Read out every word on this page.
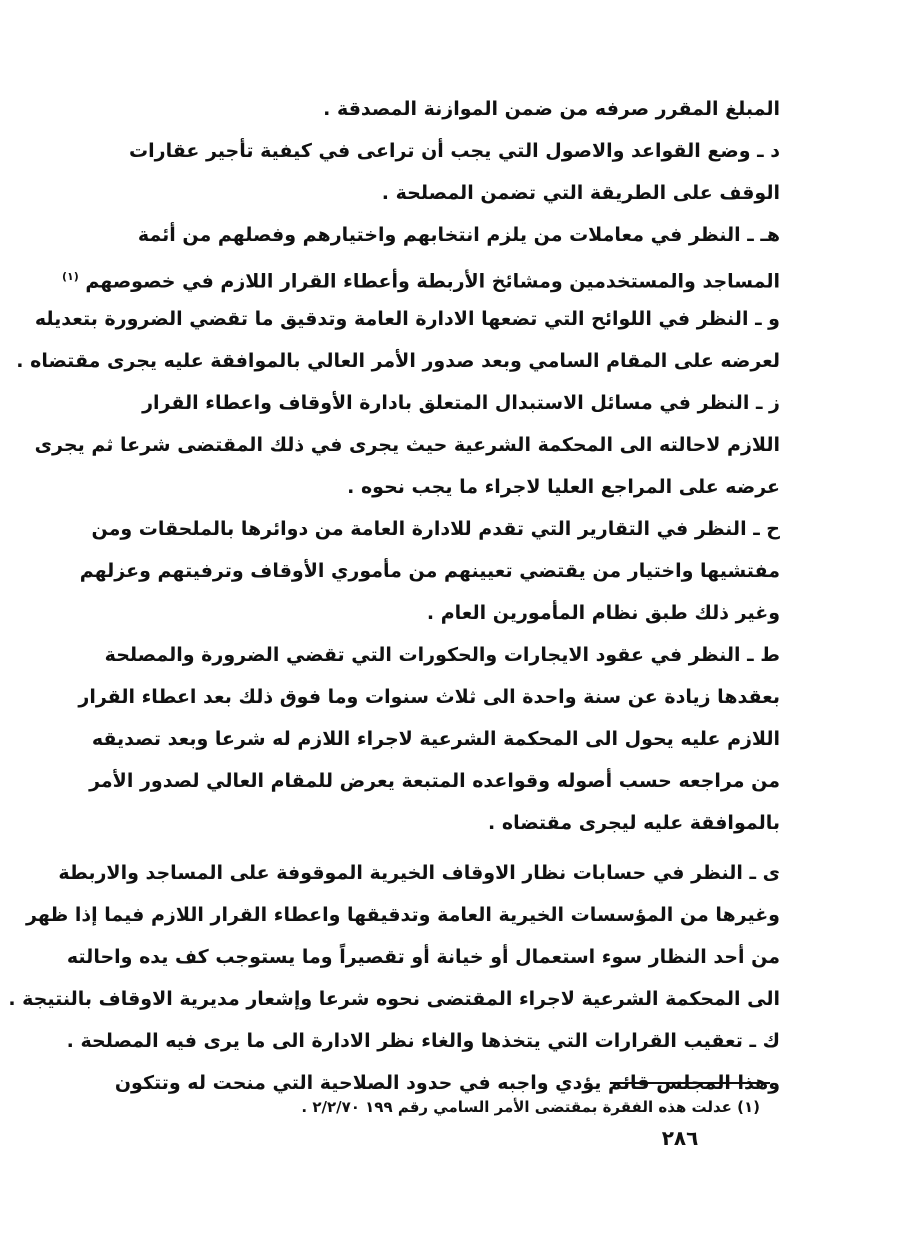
المبلغ المقرر صرفه من ضمن الموازنة المصدقة .
د ـ وضع القواعد والاصول التي يجب أن تراعى في كيفية تأجير عقارات
الوقف على الطريقة التي تضمن المصلحة .
هـ ـ النظر في معاملات من يلزم انتخابهم واختيارهم وفصلهم من أئمة
المساجد والمستخدمين ومشائخ الأربطة وأعطاء القرار اللازم في خصوصهم $^{(١)}$
و ـ النظر في اللوائح التي تضعها الادارة العامة وتدقيق ما تقضي الضرورة بتعديله
لعرضه على المقام السامي وبعد صدور الأمر العالي بالموافقة عليه يجرى مقتضاه .
ز ـ النظر في مسائل الاستبدال المتعلق بادارة الأوقاف واعطاء القرار
اللازم لاحالته الى المحكمة الشرعية حيث يجرى في ذلك المقتضى شرعا ثم يجرى
عرضه على المراجع العليا لاجراء ما يجب نحوه .
ح ـ النظر في التقارير التي تقدم للادارة العامة من دوائرها بالملحقات ومن
مفتشيها واختيار من يقتضي تعيينهم من مأموري الأوقاف وترفيتهم وعزلهم
وغير ذلك طبق نظام المأمورين العام .
ط ـ النظر في عقود الايجارات والحكورات التي تقضي الضرورة والمصلحة
بعقدها زيادة عن سنة واحدة الى ثلاث سنوات وما فوق ذلك بعد اعطاء القرار
اللازم عليه يحول الى المحكمة الشرعية لاجراء اللازم له شرعا وبعد تصديقه
من مراجعه حسب أصوله وقواعده المتبعة يعرض للمقام العالي لصدور الأمر
بالموافقة عليه ليجرى مقتضاه .
ى ـ النظر في حسابات نظار الاوقاف الخيرية الموقوفة على المساجد والاربطة
وغيرها من المؤسسات الخيرية العامة وتدقيقها واعطاء القرار اللازم فيما إذا ظهر
من أحد النظار سوء استعمال أو خيانة أو تقصيراً وما يستوجب كف يده واحالته
الى المحكمة الشرعية لاجراء المقتضى نحوه شرعا وإشعار مديرية الاوقاف بالنتيجة .
ك ـ تعقيب القرارات التي يتخذها والغاء نظر الادارة الى ما يرى فيه المصلحة .
وهذا المجلس قائم يؤدي واجبه في حدود الصلاحية التي منحت له وتتكون
(١) عدلت هذه الفقرة بمقتضى الأمر السامي رقم ١٩٩ ٢/٢/٧٠ .
٢٨٦
